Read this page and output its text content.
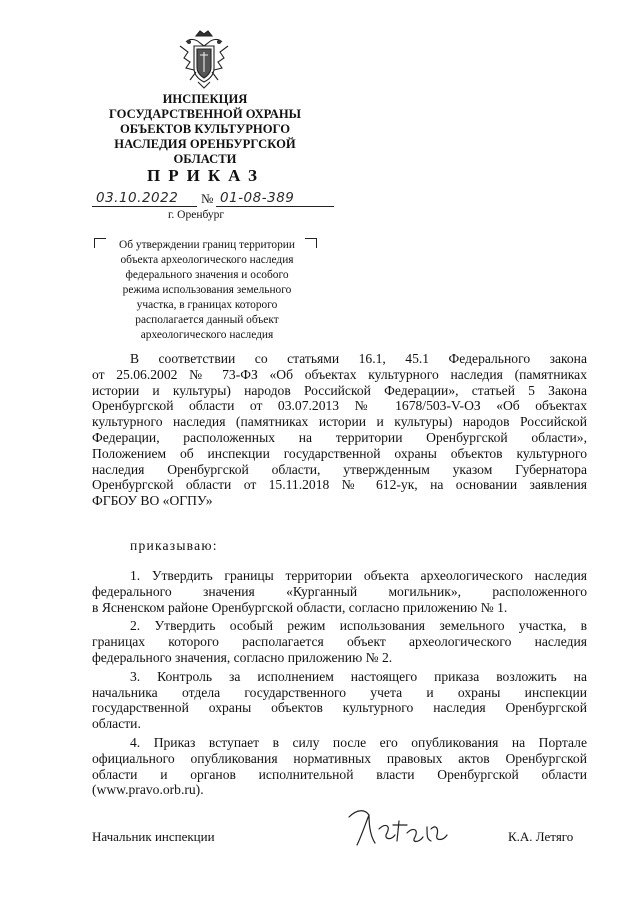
ИНСПЕКЦИЯ
ГОСУДАРСТВЕННОЙ ОХРАНЫ
ОБЪЕКТОВ КУЛЬТУРНОГО
НАСЛЕДИЯ ОРЕНБУРГСКОЙ
ОБЛАСТИ
ПРИКАЗ
03.10.2022 № 01-08-389
г. Оренбург
Об утверждении границ территории
объекта археологического наследия
федерального значения и особого
режима использования земельного
участка, в границах которого
располагается данный объект
археологического наследия
В соответствии со статьями 16.1, 45.1 Федерального закона
от 25.06.2002 № 73-ФЗ «Об объектах культурного наследия (памятниках
истории и культуры) народов Российской Федерации», статьей 5 Закона
Оренбургской области от 03.07.2013 № 1678/503-V-ОЗ «Об объектах
культурного наследия (памятниках истории и культуры) народов Российской
Федерации, расположенных на территории Оренбургской области»,
Положением об инспекции государственной охраны объектов культурного
наследия Оренбургской области, утвержденным указом Губернатора
Оренбургской области от 15.11.2018 № 612-ук, на основании заявления
ФГБОУ ВО «ОГПУ»
приказываю:
1. Утвердить границы территории объекта археологического наследия
федерального значения «Курганный могильник», расположенного
в Ясненском районе Оренбургской области, согласно приложению № 1.
2. Утвердить особый режим использования земельного участка, в
границах которого располагается объект археологического наследия
федерального значения, согласно приложению № 2.
3. Контроль за исполнением настоящего приказа возложить на
начальника отдела государственного учета и охраны инспекции
государственной охраны объектов культурного наследия Оренбургской
области.
4. Приказ вступает в силу после его опубликования на Портале
официального опубликования нормативных правовых актов Оренбургской
области и органов исполнительной власти Оренбургской области
(www.pravo.orb.ru).
Начальник инспекции	К.А. Летяго
